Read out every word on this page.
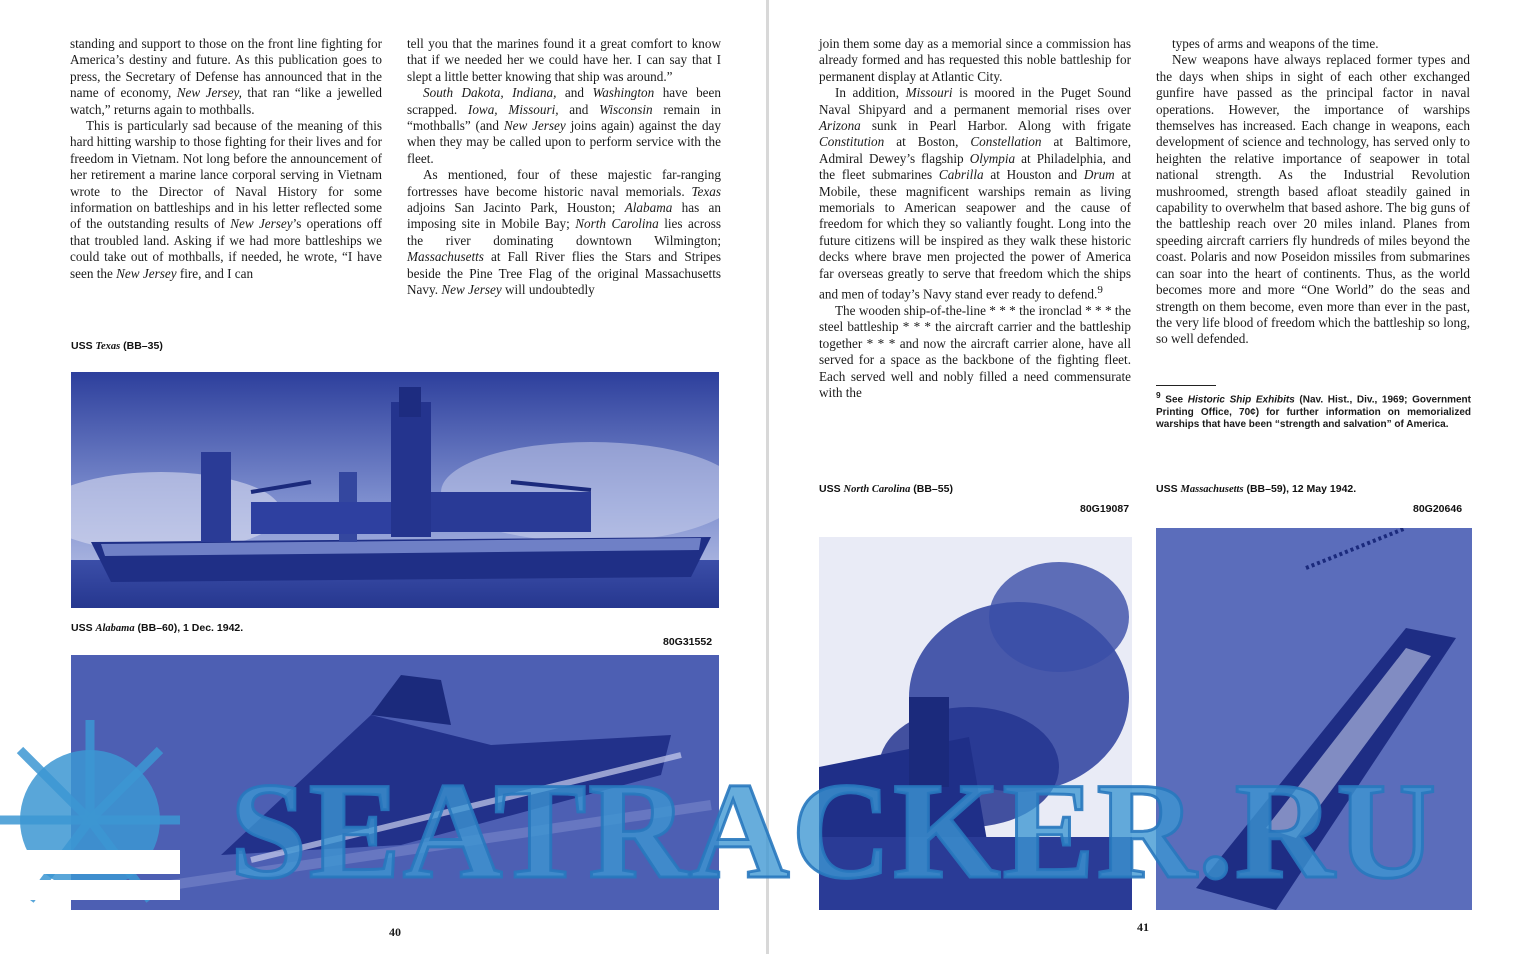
standing and support to those on the front line fighting for America’s destiny and future. As this publication goes to press, the Secretary of Defense has announced that in the name of economy, New Jersey, that ran “like a jewelled watch,” returns again to mothballs.

This is particularly sad because of the meaning of this hard hitting warship to those fighting for their lives and for freedom in Vietnam. Not long before the announcement of her retirement a marine lance corporal serving in Vietnam wrote to the Director of Naval History for some information on battleships and in his letter reflected some of the outstanding results of New Jersey’s operations off that troubled land. Asking if we had more battleships we could take out of mothballs, if needed, he wrote, “I have seen the New Jersey fire, and I can

tell you that the marines found it a great comfort to know that if we needed her we could have her. I can say that I slept a little better knowing that ship was around.”

South Dakota, Indiana, and Washington have been scrapped. Iowa, Missouri, and Wisconsin remain in “mothballs” (and New Jersey joins again) against the day when they may be called upon to perform service with the fleet.

As mentioned, four of these majestic far-ranging fortresses have become historic naval memorials. Texas adjoins San Jacinto Park, Houston; Alabama has an imposing site in Mobile Bay; North Carolina lies across the river dominating downtown Wilmington; Massachusetts at Fall River flies the Stars and Stripes beside the Pine Tree Flag of the original Massachusetts Navy. New Jersey will undoubtedly

USS Texas (BB–35)
USS Alabama (BB–60), 1 Dec. 1942.
80G31552
40

join them some day as a memorial since a commission has already formed and has requested this noble battleship for permanent display at Atlantic City.

In addition, Missouri is moored in the Puget Sound Naval Shipyard and a permanent memorial rises over Arizona sunk in Pearl Harbor. Along with frigate Constitution at Boston, Constellation at Baltimore, Admiral Dewey’s flagship Olympia at Philadelphia, and the fleet submarines Cabrilla at Houston and Drum at Mobile, these magnificent warships remain as living memorials to American seapower and the cause of freedom for which they so valiantly fought. Long into the future citizens will be inspired as they walk these historic decks where brave men projected the power of America far overseas greatly to serve that freedom which the ships and men of today’s Navy stand ever ready to defend.$^9$

The wooden ship-of-the-line * * * the ironclad * * * the steel battleship * * * the aircraft carrier and the battleship together * * * and now the aircraft carrier alone, have all served for a space as the backbone of the fighting fleet. Each served well and nobly filled a need commensurate with the

types of arms and weapons of the time.

New weapons have always replaced former types and the days when ships in sight of each other exchanged gunfire have passed as the principal factor in naval operations. However, the importance of warships themselves has increased. Each change in weapons, each development of science and technology, has served only to heighten the relative importance of seapower in total national strength. As the Industrial Revolution mushroomed, strength based afloat steadily gained in capability to overwhelm that based ashore. The big guns of the battleship reach over 20 miles inland. Planes from speeding aircraft carriers fly hundreds of miles beyond the coast. Polaris and now Poseidon missiles from submarines can soar into the heart of continents. Thus, as the world becomes more and more “One World” do the seas and strength on them become, even more than ever in the past, the very life blood of freedom which the battleship so long, so well defended.

USS North Carolina (BB–55)
80G19087
USS Massachusetts (BB–59), 12 May 1942.
80G20646
$^9$ See Historic Ship Exhibits (Nav. Hist., Div., 1969; Government Printing Office, 70¢) for further information on memorialized warships that have been “strength and salvation” of America.
41
SEATRACKER.RU
